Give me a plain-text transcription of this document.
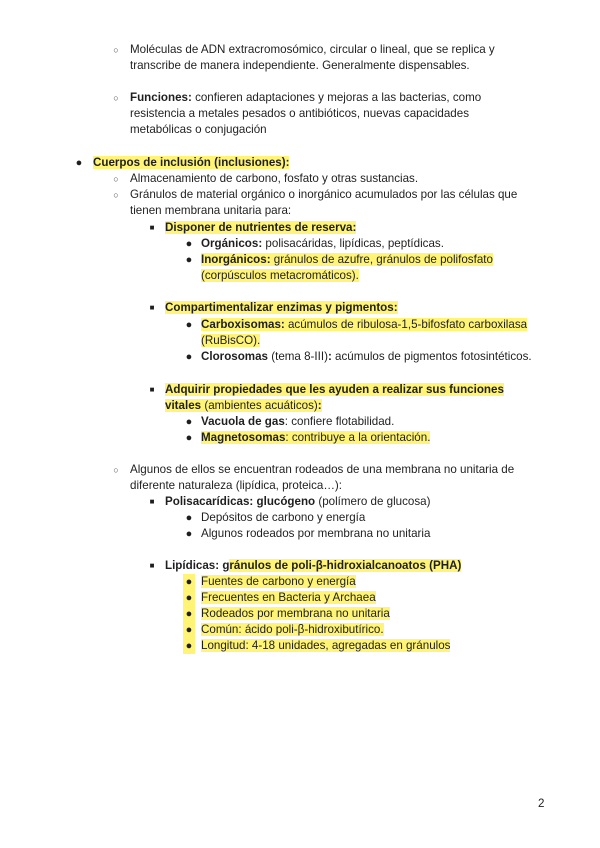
○ Moléculas de ADN extracromosómico, circular o lineal, que se replica y
transcribe de manera independiente. Generalmente dispensables.
○ Funciones: confieren adaptaciones y mejoras a las bacterias, como
resistencia a metales pesados o antibióticos, nuevas capacidades
metabólicas o conjugación
● Cuerpos de inclusión (inclusiones):
○ Almacenamiento de carbono, fosfato y otras sustancias.
○ Gránulos de material orgánico o inorgánico acumulados por las células que
tienen membrana unitaria para:
■ Disponer de nutrientes de reserva:
● Orgánicos: polisacáridas, lipídicas, peptídicas.
● Inorgánicos: gránulos de azufre, gránulos de polifosfato
(corpúsculos metacromáticos).
■ Compartimentalizar enzimas y pigmentos:
● Carboxisomas: acúmulos de ribulosa-1,5-bifosfato carboxilasa
(RuBisCO).
● Clorosomas (tema 8-III): acúmulos de pigmentos fotosintéticos.
■ Adquirir propiedades que les ayuden a realizar sus funciones
vitales (ambientes acuáticos):
● Vacuola de gas: confiere flotabilidad.
● Magnetosomas: contribuye a la orientación.
○ Algunos de ellos se encuentran rodeados de una membrana no unitaria de
diferente naturaleza (lipídica, proteica…):
■ Polisacarídicas: glucógeno (polímero de glucosa)
● Depósitos de carbono y energía
● Algunos rodeados por membrana no unitaria
■ Lipídicas: gránulos de poli-β-hidroxialcanoatos (PHA)
● Fuentes de carbono y energía
● Frecuentes en Bacteria y Archaea
● Rodeados por membrana no unitaria
● Común: ácido poli-β-hidroxibutírico.
● Longitud: 4-18 unidades, agregadas en gránulos
2
